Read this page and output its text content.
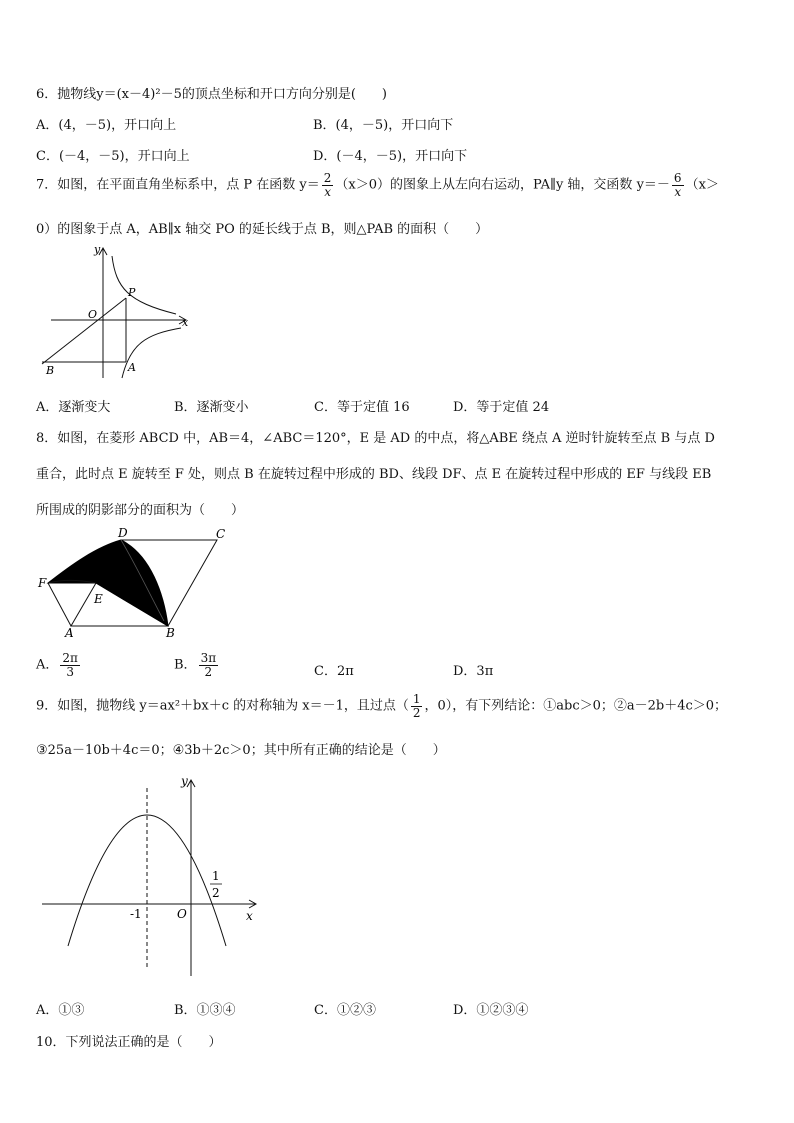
6．抛物线y＝(x－4)²－5的顶点坐标和开口方向分别是(　　)
A．(4，－5)，开口向上	B．(4，－5)，开口向下
C．(－4，－5)，开口向上	D．(－4，－5)，开口向下
7．如图，在平面直角坐标系中，点 P 在函数 $y= \frac{2}{x} (x>0)$的图象上从左向右运动，PA∥y 轴，交函数 $y=- \frac{6}{x} (x>$
0）的图象于点 A，AB∥x 轴交 PO 的延长线于点 B，则△PAB 的面积（　　）
y
x
O
P
A
B
A．逐渐变大	B．逐渐变小	C．等于定值 16	D．等于定值 24
8．如图，在菱形 ABCD 中，AB＝4，∠ABC＝120°，E 是 AD 的中点，将△ABE 绕点 A 逆时针旋转至点 B 与点 D
重合，此时点 E 旋转至 F 处，则点 B 在旋转过程中形成的 BD、线段 DF、点 E 在旋转过程中形成的 EF 与线段 EB
所围成的阴影部分的面积为（　　）
D	C
F
E
A	B
A． $\frac{2\pi}{3}$	B． $\frac{3\pi}{2}$	C．2π	D．3π
9．如图，抛物线 y＝ax²＋bx＋c 的对称轴为 x＝－1，且过点（ $\frac{1}{2}$ ，0），有下列结论：①abc＞0；②a－2b＋4c＞0；
③25a－10b＋4c＝0；④3b＋2c＞0；其中所有正确的结论是（　　）
y
x
O
-1
1
2
A．①③	B．①③④	C．①②③	D．①②③④
10．下列说法正确的是（　　）
